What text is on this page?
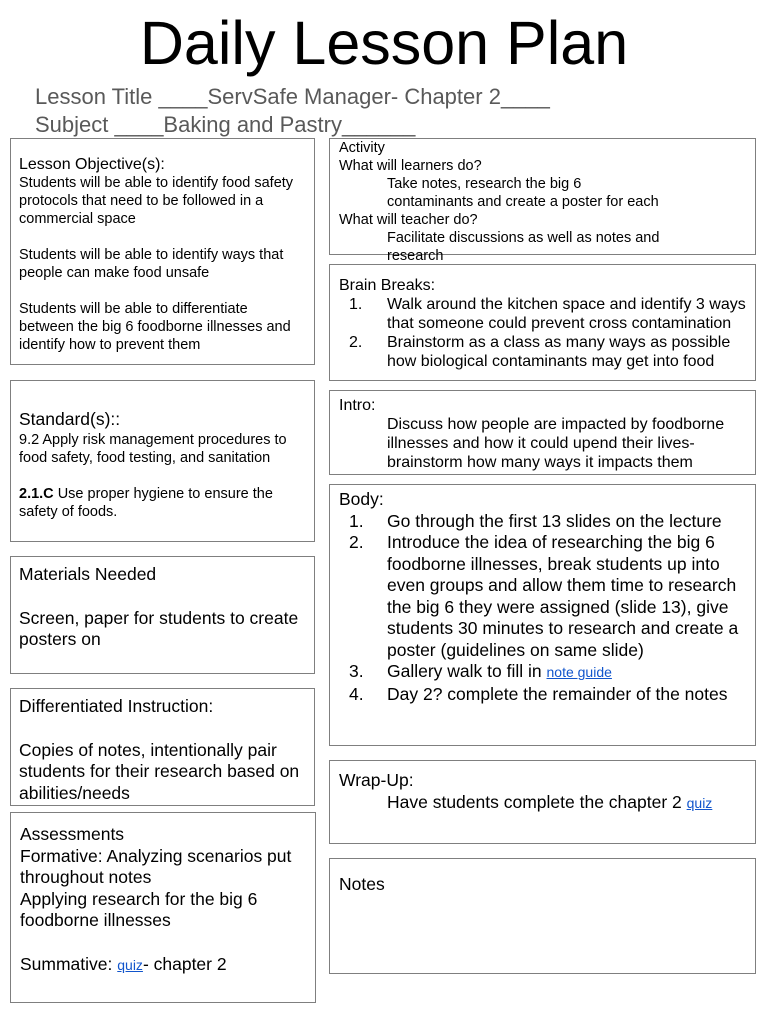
Daily Lesson Plan
Lesson Title ____ServSafe Manager- Chapter 2____
Subject ____Baking and Pastry______
Lesson Objective(s):
Students will be able to identify food safety protocols that need to be followed in a commercial space
Students will be able to identify ways that people can make food unsafe
Students will be able to differentiate between the big 6 foodborne illnesses and identify how to prevent them
Standard(s)::
9.2 Apply risk management procedures to food safety, food testing, and sanitation
2.1.C Use proper hygiene to ensure the safety of foods.
Materials Needed
Screen, paper for students to create posters on
Differentiated Instruction:
Copies of notes, intentionally pair students for their research based on abilities/needs
Assessments
Formative: Analyzing scenarios put throughout notes
Applying research for the big 6 foodborne illnesses
Summative: quiz- chapter 2
Activity
What will learners do?
Take notes, research the big 6 contaminants and create a poster for each
What will teacher do?
Facilitate discussions as well as notes and research
Brain Breaks:
1. Walk around the kitchen space and identify 3 ways that someone could prevent cross contamination
2. Brainstorm as a class as many ways as possible how biological contaminants may get into food
Intro:
Discuss how people are impacted by foodborne illnesses and how it could upend their lives- brainstorm how many ways it impacts them
Body:
1. Go through the first 13 slides on the lecture
2. Introduce the idea of researching the big 6 foodborne illnesses, break students up into even groups and allow them time to research the big 6 they were assigned (slide 13), give students 30 minutes to research and create a poster (guidelines on same slide)
3. Gallery walk to fill in note guide
4. Day 2? complete the remainder of the notes
Wrap-Up:
Have students complete the chapter 2 quiz
Notes
